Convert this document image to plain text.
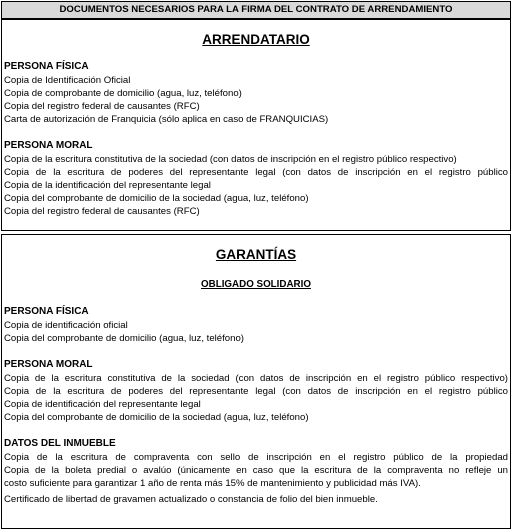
DOCUMENTOS NECESARIOS PARA LA FIRMA DEL CONTRATO DE ARRENDAMIENTO
ARRENDATARIO
PERSONA FÍSICA
Copia de Identificación Oficial
Copia de comprobante de domicilio (agua, luz, teléfono)
Copia del registro federal de causantes (RFC)
Carta de autorización de Franquicia (sólo aplica en caso de FRANQUICIAS)
PERSONA MORAL
Copia de la escritura constitutiva de la sociedad (con datos de inscripción en el registro público respectivo)
Copia de la escritura de poderes del representante legal (con datos de inscripción en el registro público
Copia de la identificación del representante legal
Copia del comprobante de domicilio de la sociedad (agua, luz, teléfono)
Copia del registro federal de causantes (RFC)
GARANTÍAS
OBLIGADO SOLIDARIO
PERSONA FÍSICA
Copia de identificación oficial
Copia del comprobante de domicilio (agua, luz, teléfono)
PERSONA MORAL
Copia de la escritura constitutiva de la sociedad (con datos de inscripción en el registro público respectivo)
Copia de la escritura de poderes del representante legal (con datos de inscripción en el registro público
Copia de identificación del representante legal
Copia del comprobante de domicilio de la sociedad (agua, luz, teléfono)
DATOS DEL INMUEBLE
Copia de la escritura de compraventa con sello de inscripción en el registro público de la propiedad
Copia de la boleta predial o avalúo (únicamente en caso que la escritura de la compraventa no refleje un
costo suficiente para garantizar 1 año de renta más 15% de mantenimiento y publicidad más IVA).
Certificado de libertad de gravamen actualizado o constancia de folio del bien inmueble.
